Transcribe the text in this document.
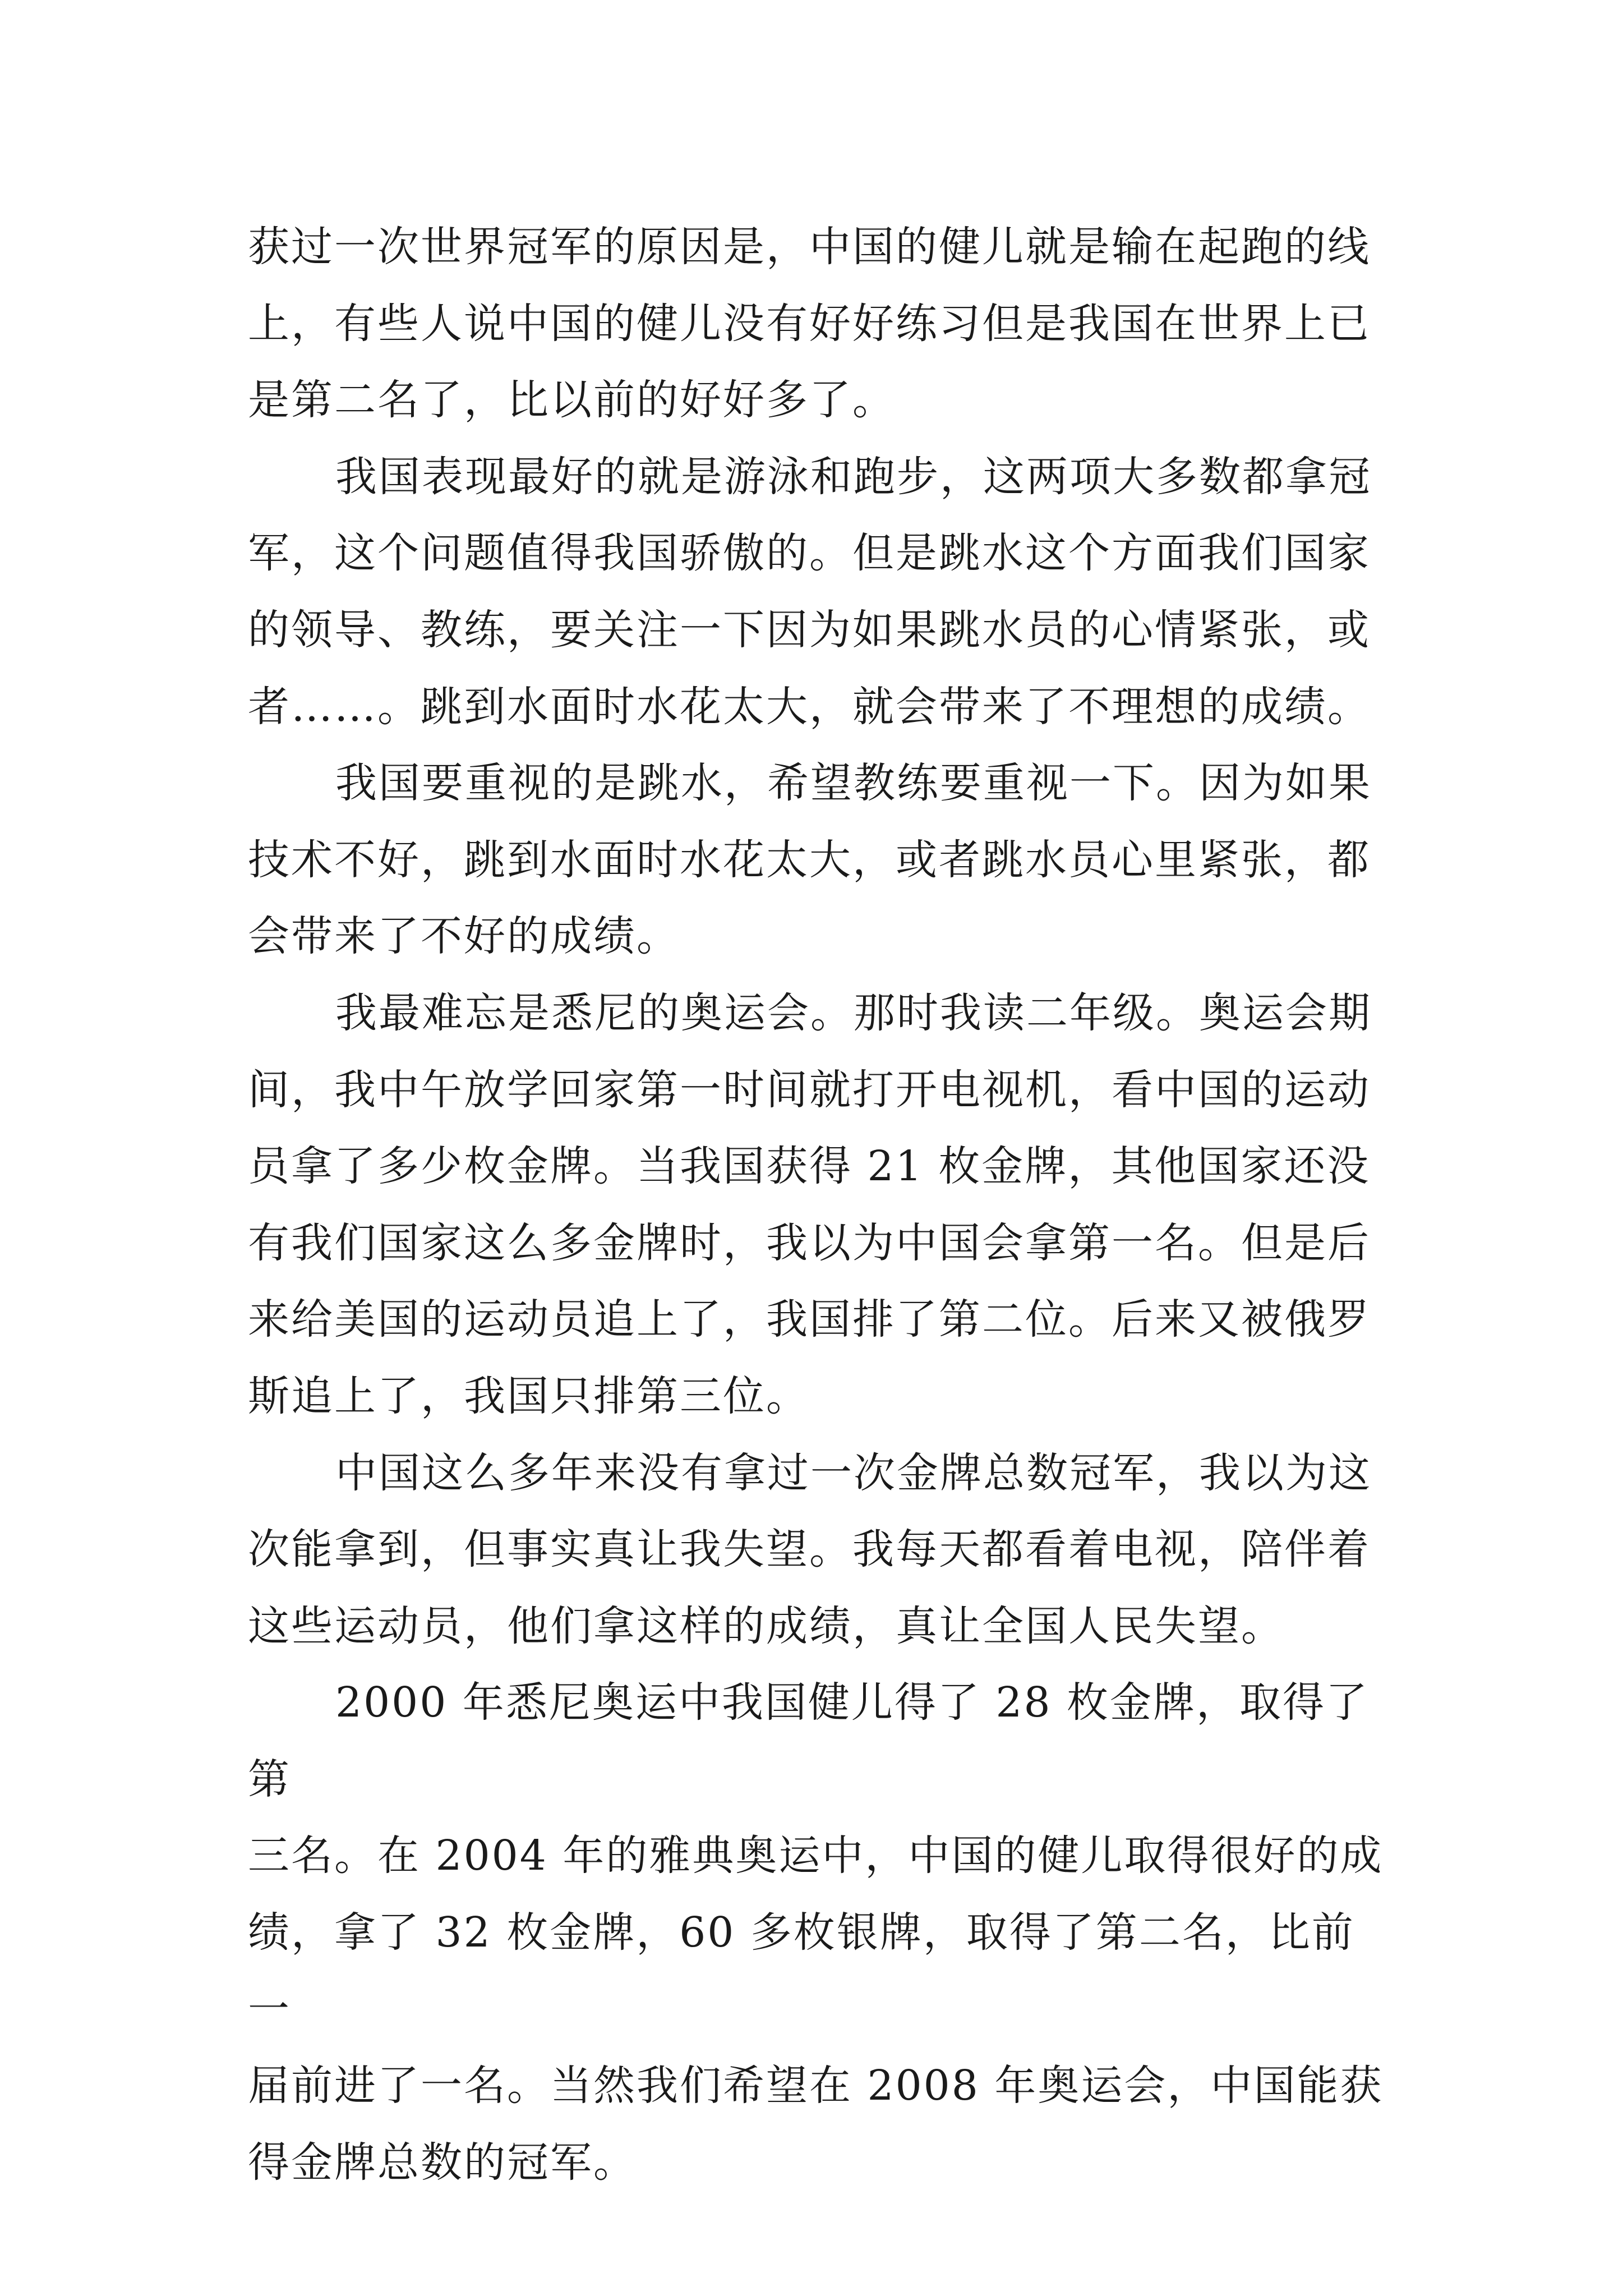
获过一次世界冠军的原因是，中国的健儿就是输在起跑的线
上，有些人说中国的健儿没有好好练习但是我国在世界上已
是第二名了，比以前的好好多了。

我国表现最好的就是游泳和跑步，这两项大多数都拿冠
军，这个问题值得我国骄傲的。但是跳水这个方面我们国家
的领导、教练，要关注一下因为如果跳水员的心情紧张，或
者……。跳到水面时水花太大，就会带来了不理想的成绩。

我国要重视的是跳水，希望教练要重视一下。因为如果
技术不好，跳到水面时水花太大，或者跳水员心里紧张，都
会带来了不好的成绩。

我最难忘是悉尼的奥运会。那时我读二年级。奥运会期
间，我中午放学回家第一时间就打开电视机，看中国的运动
员拿了多少枚金牌。当我国获得 21 枚金牌，其他国家还没
有我们国家这么多金牌时，我以为中国会拿第一名。但是后
来给美国的运动员追上了，我国排了第二位。后来又被俄罗
斯追上了，我国只排第三位。

中国这么多年来没有拿过一次金牌总数冠军，我以为这
次能拿到，但事实真让我失望。我每天都看着电视，陪伴着
这些运动员，他们拿这样的成绩，真让全国人民失望。

2000 年悉尼奥运中我国健儿得了 28 枚金牌，取得了第
三名。在 2004 年的雅典奥运中，中国的健儿取得很好的成
绩，拿了 32 枚金牌，60 多枚银牌，取得了第二名，比前一
届前进了一名。当然我们希望在 2008 年奥运会，中国能获
得金牌总数的冠军。
